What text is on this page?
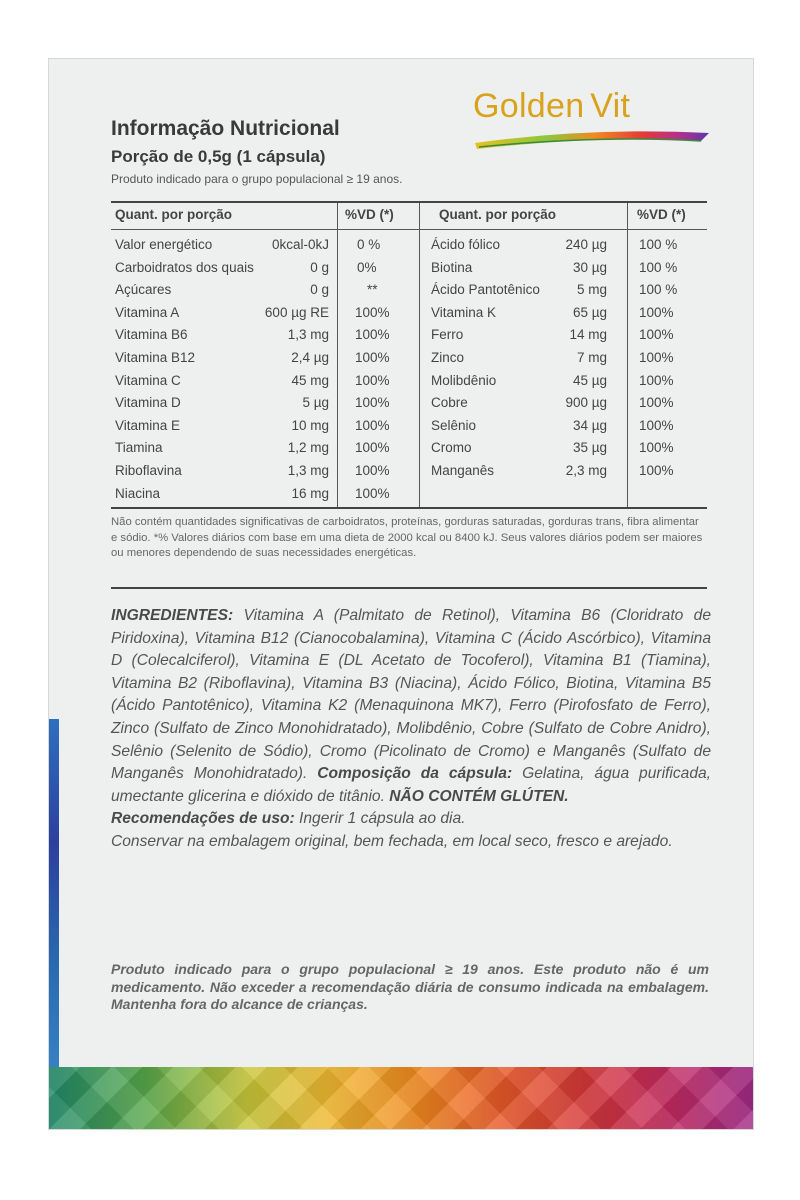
Golden Vit
Informação Nutricional
Porção de 0,5g (1 cápsula)
Produto indicado para o grupo populacional ≥ 19 anos.
Quant. por porção	%VD (*)	Quant. por porção	%VD (*)
Valor energético	0kcal-0kJ 0 %
Carboidratos dos quais	0 g 0%
Açúcares	0 g	**
Vitamina A	600 µg RE 100%
Vitamina B6	1,3 mg 100%
Vitamina B12	2,4 µg 100%
Vitamina C	45 mg 100%
Vitamina D	5 µg 100%
Vitamina E	10 mg 100%
Tiamina	1,2 mg 100%
Riboflavina	1,3 mg 100%
Niacina	16 mg 100%
Ácido fólico	240 µg 100 %
Biotina	30 µg 100 %
Ácido Pantotênico	5 mg 100 %
Vitamina K	65 µg 100%
Ferro	14 mg 100%
Zinco	7 mg 100%
Molibdênio	45 µg 100%
Cobre	900 µg 100%
Selênio	34 µg 100%
Cromo	35 µg 100%
Manganês	2,3 mg 100%
Não contém quantidades significativas de carboidratos, proteínas, gorduras saturadas, gorduras trans, fibra alimentar e sódio. *% Valores diários com base em uma dieta de 2000 kcal ou 8400 kJ. Seus valores diários podem ser maiores ou menores dependendo de suas necessidades energéticas.
INGREDIENTES: Vitamina A (Palmitato de Retinol), Vitamina B6 (Cloridrato de Piridoxina), Vitamina B12 (Cianocobalamina), Vitamina C (Ácido Ascórbico), Vitamina D (Colecalciferol), Vitamina E (DL Acetato de Tocoferol), Vitamina B1 (Tiamina), Vitamina B2 (Riboflavina), Vitamina B3 (Niacina), Ácido Fólico, Biotina, Vitamina B5 (Ácido Pantotênico), Vitamina K2 (Menaquinona MK7), Ferro (Pirofosfato de Ferro), Zinco (Sulfato de Zinco Monohidratado), Molibdênio, Cobre (Sulfato de Cobre Anidro), Selênio (Selenito de Sódio), Cromo (Picolinato de Cromo) e Manganês (Sulfato de Manganês Monohidratado). Composição da cápsula: Gelatina, água purificada, umectante glicerina e dióxido de titânio. NÃO CONTÉM GLÚTEN.
Recomendações de uso: Ingerir 1 cápsula ao dia.
Conservar na embalagem original, bem fechada, em local seco, fresco e arejado.
Produto indicado para o grupo populacional ≥ 19 anos. Este produto não é um medicamento. Não exceder a recomendação diária de consumo indicada na embalagem. Mantenha fora do alcance de crianças.
